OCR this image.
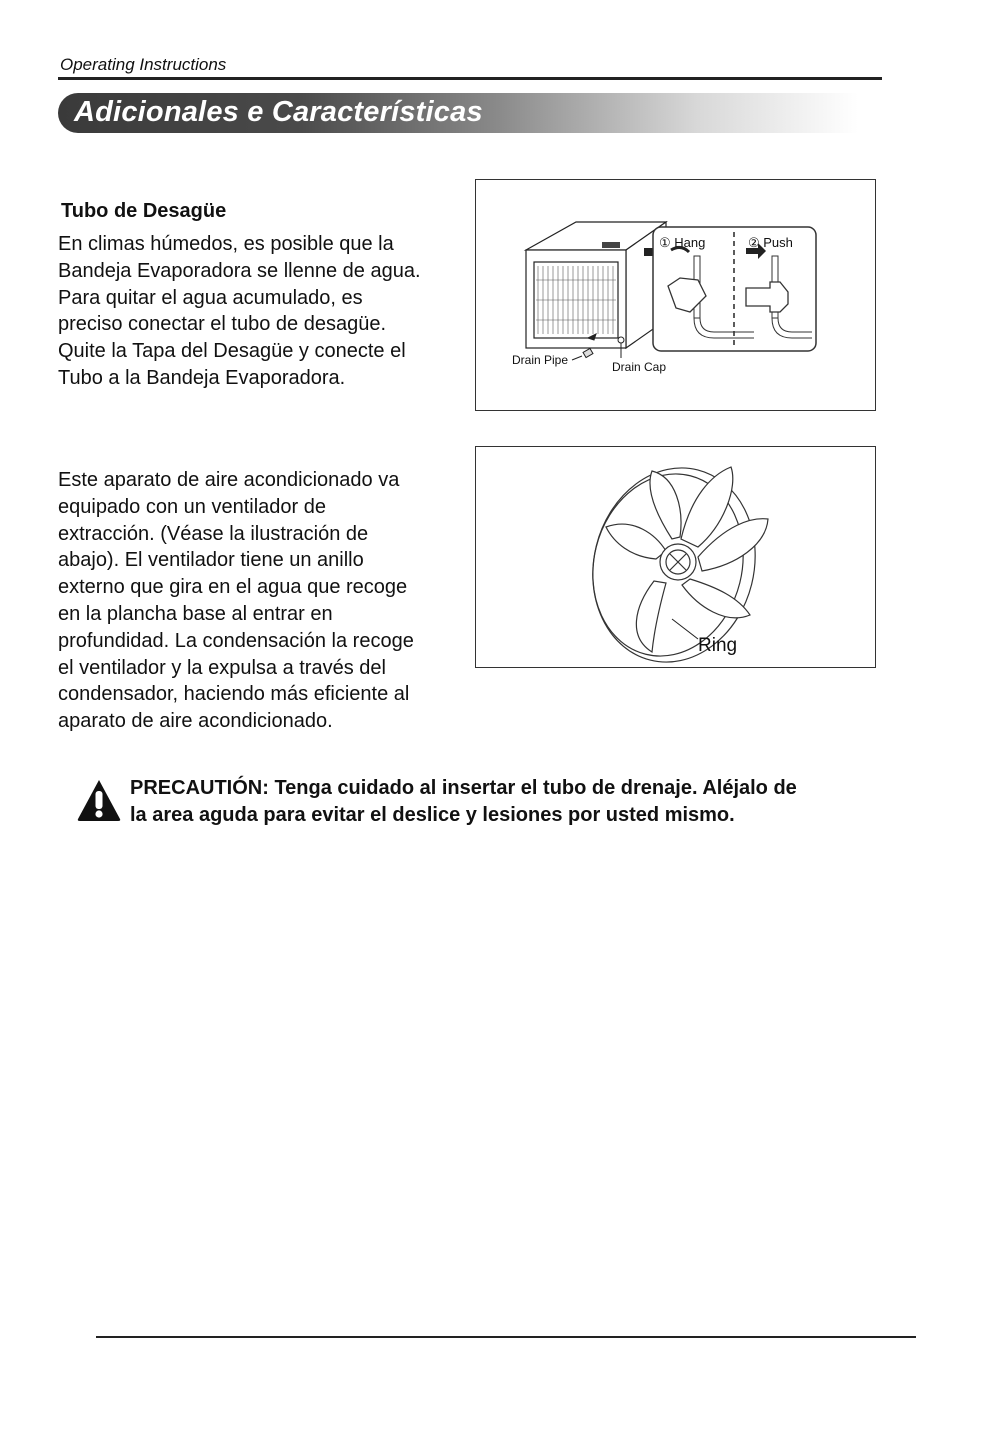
Operating Instructions
Adicionales e Características
Tubo de Desagüe
En climas húmedos, es posible que la
Bandeja Evaporadora se llenne de agua.
Para quitar el agua acumulado, es
preciso conectar el tubo de desagüe.
Quite la Tapa del Desagüe y conecte el
Tubo a la Bandeja Evaporadora.
Drain Pipe	Drain Cap
① Hang	② Push
Este aparato de aire acondicionado va
equipado con un ventilador de
extracción. (Véase la ilustración de
abajo). El ventilador tiene un anillo
externo que gira en el agua que recoge
en la plancha base al entrar en
profundidad. La condensación la recoge
el ventilador y la expulsa a través del
condensador, haciendo más eficiente al
aparato de aire acondicionado.
Ring
PRECAUTIÓN: Tenga cuidado al insertar el tubo de drenaje. Aléjalo de
la area aguda para evitar el deslice y lesiones por usted mismo.
